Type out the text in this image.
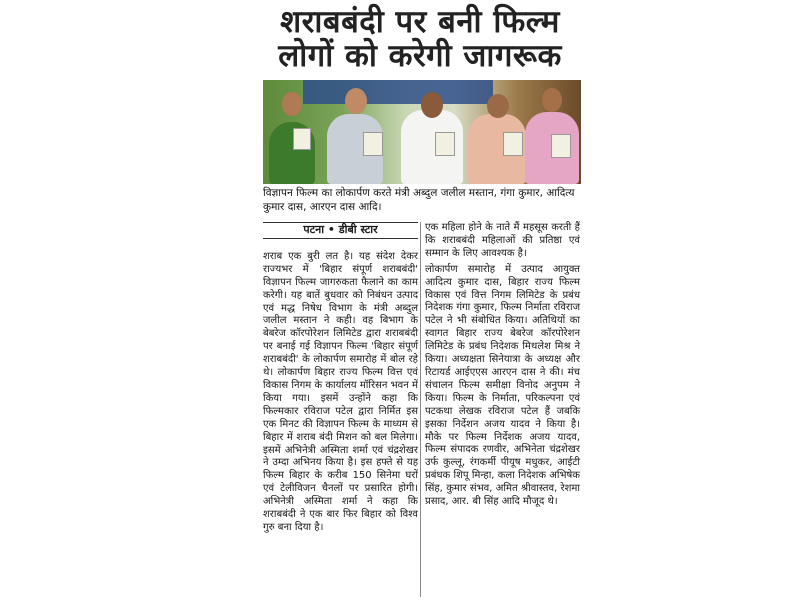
शराबबंदी पर बनी फिल्म
लोगों को करेगी जागरूक
विज्ञापन फिल्म का लोकार्पण करते मंत्री अब्दुल जलील मस्तान, गंगा कुमार, आदित्य कुमार दास, आरएन दास आदि।
पटना • डीबी स्टार

शराब एक बुरी लत है। यह संदेश देकर राज्यभर में 'बिहार संपूर्ण शराबबंदी' विज्ञापन फिल्म जागरुकता फैलाने का काम करेगी। यह बातें बुधवार को निबंधन उत्पाद एवं मद्ध निषेध विभाग के मंत्री अब्दुल जलील मस्तान ने कही। वह बिभाग के बेबरेज कॉरपोरेशन लिमिटेड द्वारा शराबबंदी पर बनाई गई विज्ञापन फिल्म 'बिहार संपूर्ण शराबबंदी' के लोकार्पण समारोह में बोल रहे थे। लोकार्पण बिहार राज्य फिल्म वित्त एवं विकास निगम के कार्यालय मॉरिसन भवन में किया गया। इसमें उन्होंने कहा कि फिल्मकार रविराज पटेल द्वारा निर्मित इस एक मिनट की विज्ञापन फिल्म के माध्यम से बिहार में शराब बंदी मिशन को बल मिलेगा। इसमें अभिनेत्री अस्मिता शर्मा एवं चंद्रशेखर ने उम्दा अभिनय किया है। इस हफ्ते से यह फिल्म बिहार के करीब 150 सिनेमा घरों एवं टेलीविजन चैनलों पर प्रसारित होगी। अभिनेत्री अस्मिता शर्मा ने कहा कि शराबबंदी ने एक बार फिर बिहार को विश्व गुरु बना दिया है।

एक महिला होने के नाते मैं महसूस करती हैं कि शराबबंदी महिलाओं की प्रतिष्ठा एवं सम्मान के लिए आवश्यक है।

लोकार्पण समारोह में उत्पाद आयुक्त आदित्य कुमार दास, बिहार राज्य फिल्म विकास एवं वित्त निगम लिमिटेड के प्रबंध निदेशक गंगा कुमार, फिल्म निर्माता रविराज पटेल ने भी संबोधित किया। अतिथियों का स्वागत बिहार राज्य बेबरेज कॉरपोरेशन लिमिटेड के प्रबंध निदेशक मिथलेश मिश्र ने किया। अध्यक्षता सिनेयात्रा के अध्यक्ष और रिटायर्ड आईएएस आरएन दास ने की। मंच संचालन फिल्म समीक्षा विनोद अनुपम ने किया। फिल्म के निर्माता, परिकल्पना एवं पटकथा लेखक रविराज पटेल हैं जबकि इसका निर्देशन अजय यादव ने किया है। मौके पर फिल्म निर्देशक अजय यादव, फिल्म संपादक रणवीर, अभिनेता चंद्रशेखर उर्फ कुल्लू, रंगकर्मी पीयूष मधुकर, आईटी प्रबंधक शिपू मिन्हा, कला निदेशक अभिषेक सिंह, कुमार संभव, अमित श्रीवास्तव, रेशमा प्रसाद, आर. बी सिंह आदि मौजूद थे।
